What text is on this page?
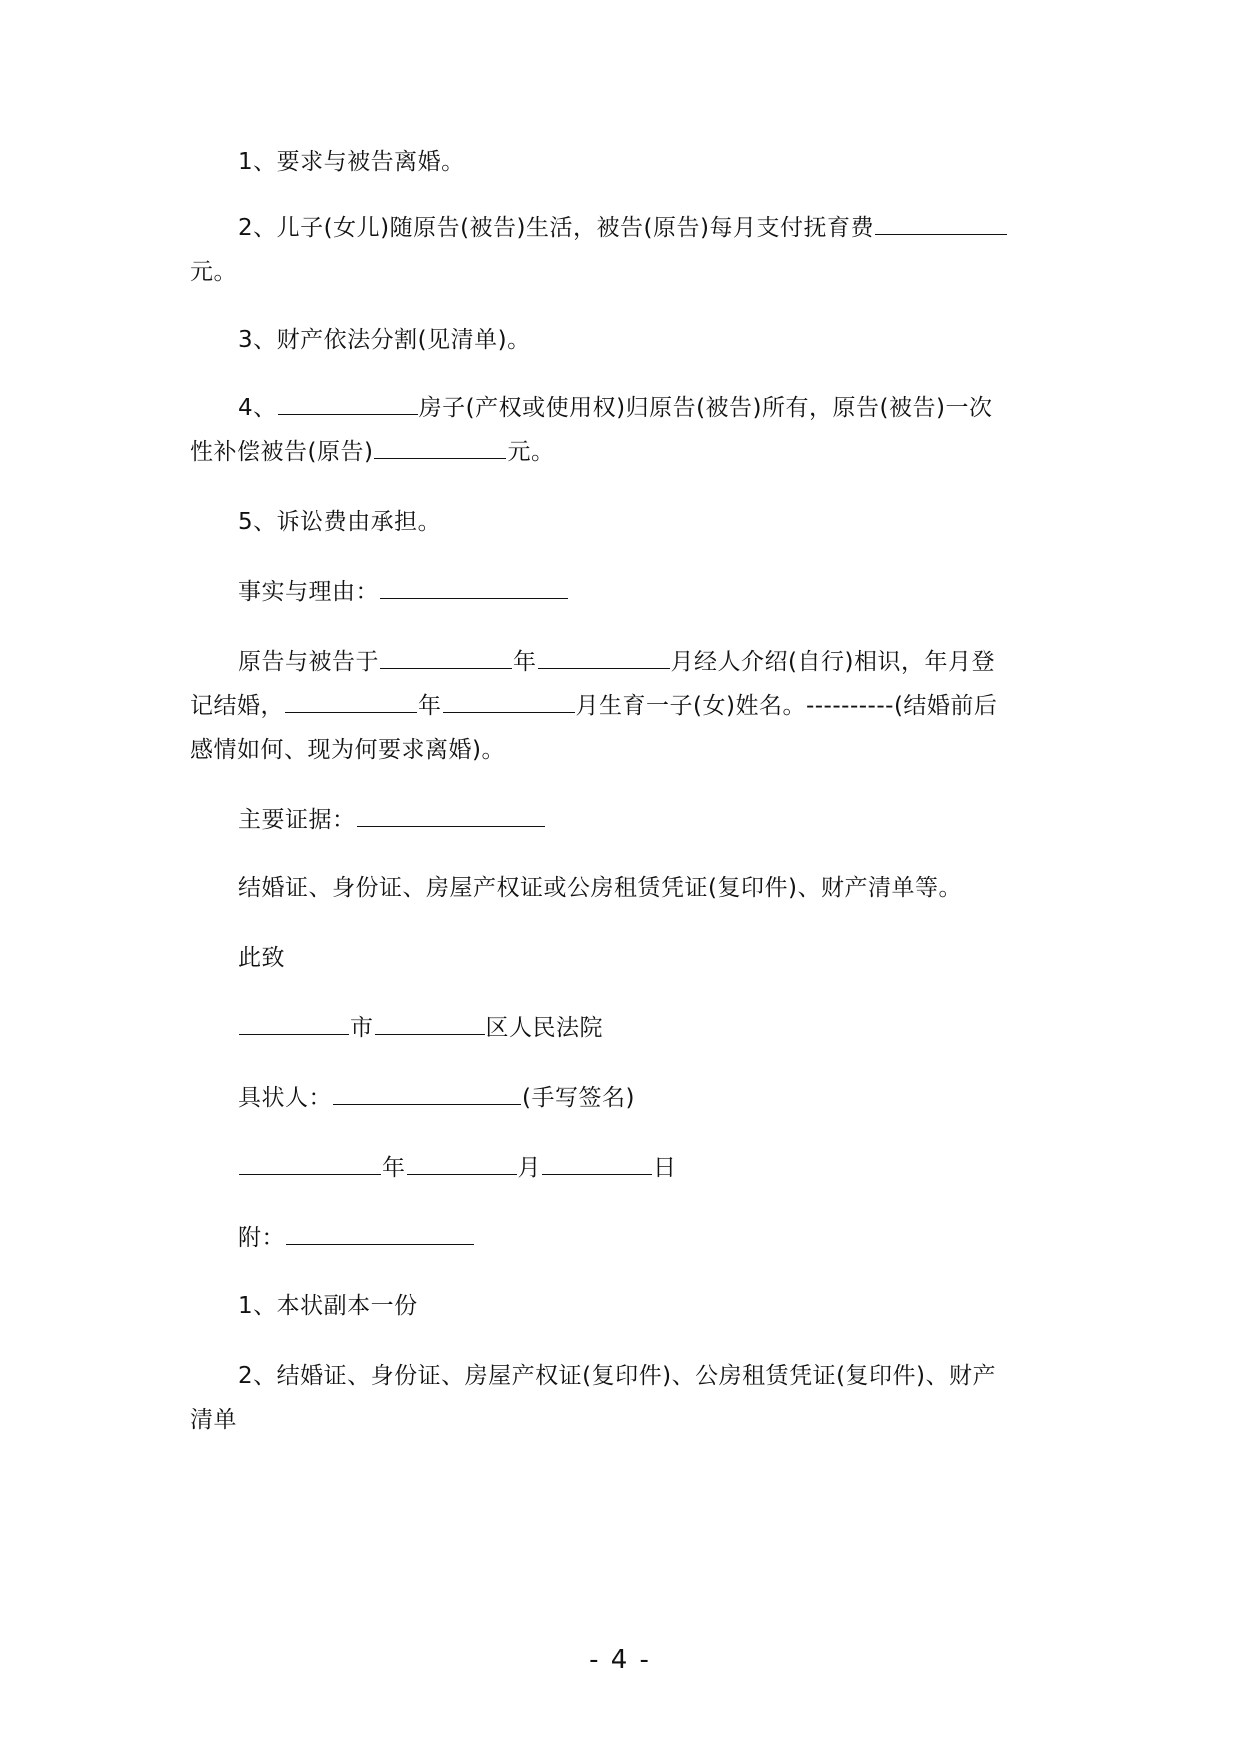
1、要求与被告离婚。
2、儿子(女儿)随原告(被告)生活，被告(原告)每月支付抚育费
元。
3、财产依法分割(见清单)。
4、	房子(产权或使用权)归原告(被告)所有，原告(被告)一次
性补偿被告(原告)	元。
5、诉讼费由承担。
事实与理由：
原告与被告于	年	月经人介绍(自行)相识，年月登
记结婚，	年	月生育一子(女)姓名。----------(结婚前后
感情如何、现为何要求离婚)。
主要证据：
结婚证、身份证、房屋产权证或公房租赁凭证(复印件)、财产清单等。
此致
市	区人民法院
具状人：	(手写签名)
年	月	日
附：
1、本状副本一份
2、结婚证、身份证、房屋产权证(复印件)、公房租赁凭证(复印件)、财产
清单
- 4 -
